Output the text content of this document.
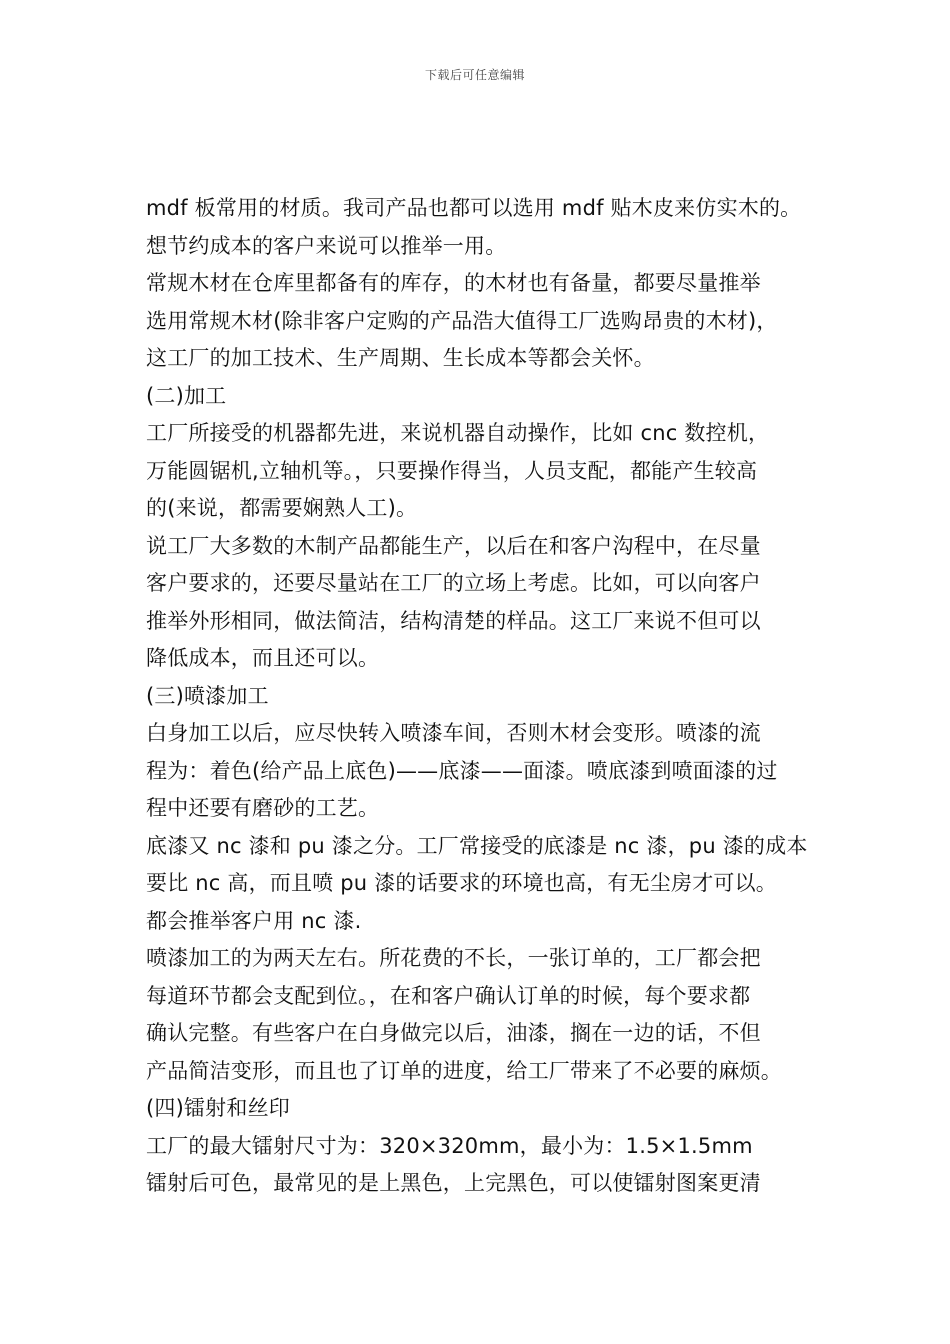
下载后可任意编辑
mdf 板常用的材质。我司产品也都可以选用 mdf 贴木皮来仿实木的。
想节约成本的客户来说可以推举一用。
常规木材在仓库里都备有的库存，的木材也有备量，都要尽量推举
选用常规木材(除非客户定购的产品浩大值得工厂选购昂贵的木材)，
这工厂的加工技术、生产周期、生长成本等都会关怀。
(二)加工
工厂所接受的机器都先进，来说机器自动操作，比如 cnc 数控机，
万能圆锯机,立轴机等。，只要操作得当，人员支配，都能产生较高
的(来说，都需要娴熟人工)。
说工厂大多数的木制产品都能生产，以后在和客户沟程中，在尽量
客户要求的，还要尽量站在工厂的立场上考虑。比如，可以向客户
推举外形相同，做法简洁，结构清楚的样品。这工厂来说不但可以
降低成本，而且还可以。
(三)喷漆加工
白身加工以后，应尽快转入喷漆车间，否则木材会变形。喷漆的流
程为：着色(给产品上底色)——底漆——面漆。喷底漆到喷面漆的过
程中还要有磨砂的工艺。
底漆又 nc 漆和 pu 漆之分。工厂常接受的底漆是 nc 漆，pu 漆的成本
要比 nc 高，而且喷 pu 漆的话要求的环境也高，有无尘房才可以。
都会推举客户用 nc 漆.
喷漆加工的为两天左右。所花费的不长，一张订单的，工厂都会把
每道环节都会支配到位。，在和客户确认订单的时候，每个要求都
确认完整。有些客户在白身做完以后，油漆，搁在一边的话，不但
产品简洁变形，而且也了订单的进度，给工厂带来了不必要的麻烦。
(四)镭射和丝印
工厂的最大镭射尺寸为：320×320mm，最小为：1.5×1.5mm
镭射后可色，最常见的是上黑色，上完黑色，可以使镭射图案更清
